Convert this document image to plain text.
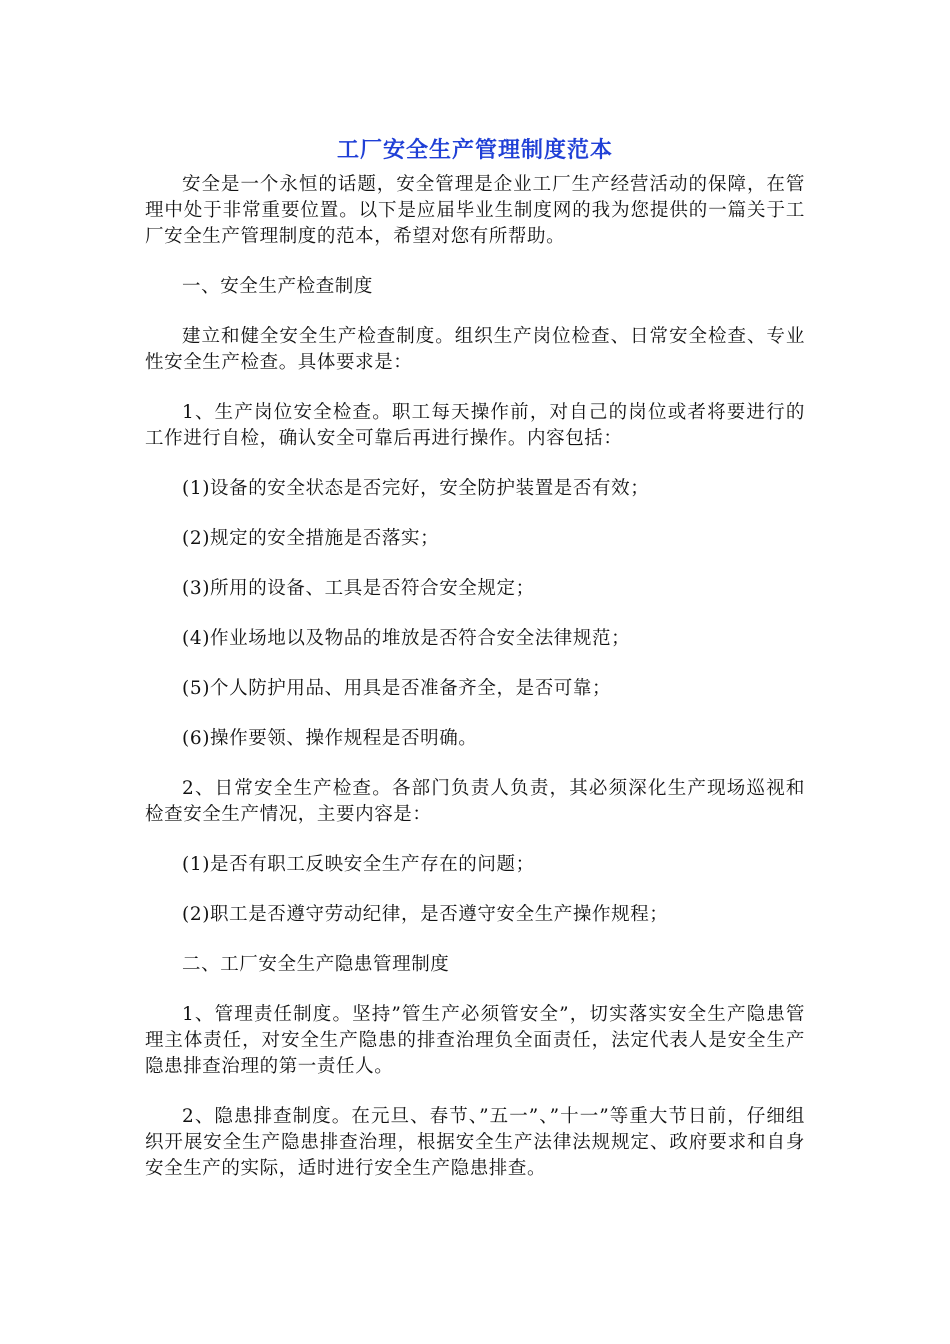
工厂安全生产管理制度范本

安全是一个永恒的话题，安全管理是企业工厂生产经营活动的保障，在管理中处于非常重要位置。以下是应届毕业生制度网的我为您提供的一篇关于工厂安全生产管理制度的范本，希望对您有所帮助。

一、安全生产检查制度

建立和健全安全生产检查制度。组织生产岗位检查、日常安全检查、专业性安全生产检查。具体要求是：

1、生产岗位安全检查。职工每天操作前，对自己的岗位或者将要进行的工作进行自检，确认安全可靠后再进行操作。内容包括：

(1)设备的安全状态是否完好，安全防护装置是否有效；

(2)规定的安全措施是否落实；

(3)所用的设备、工具是否符合安全规定；

(4)作业场地以及物品的堆放是否符合安全法律规范；

(5)个人防护用品、用具是否准备齐全，是否可靠；

(6)操作要领、操作规程是否明确。

2、日常安全生产检查。各部门负责人负责，其必须深化生产现场巡视和检查安全生产情况，主要内容是：

(1)是否有职工反映安全生产存在的问题；

(2)职工是否遵守劳动纪律，是否遵守安全生产操作规程；

二、工厂安全生产隐患管理制度

1、管理责任制度。坚持”管生产必须管安全”，切实落实安全生产隐患管理主体责任，对安全生产隐患的排查治理负全面责任，法定代表人是安全生产隐患排查治理的第一责任人。

2、隐患排查制度。在元旦、春节、”五一”、”十一”等重大节日前，仔细组织开展安全生产隐患排查治理，根据安全生产法律法规规定、政府要求和自身安全生产的实际，适时进行安全生产隐患排查。
